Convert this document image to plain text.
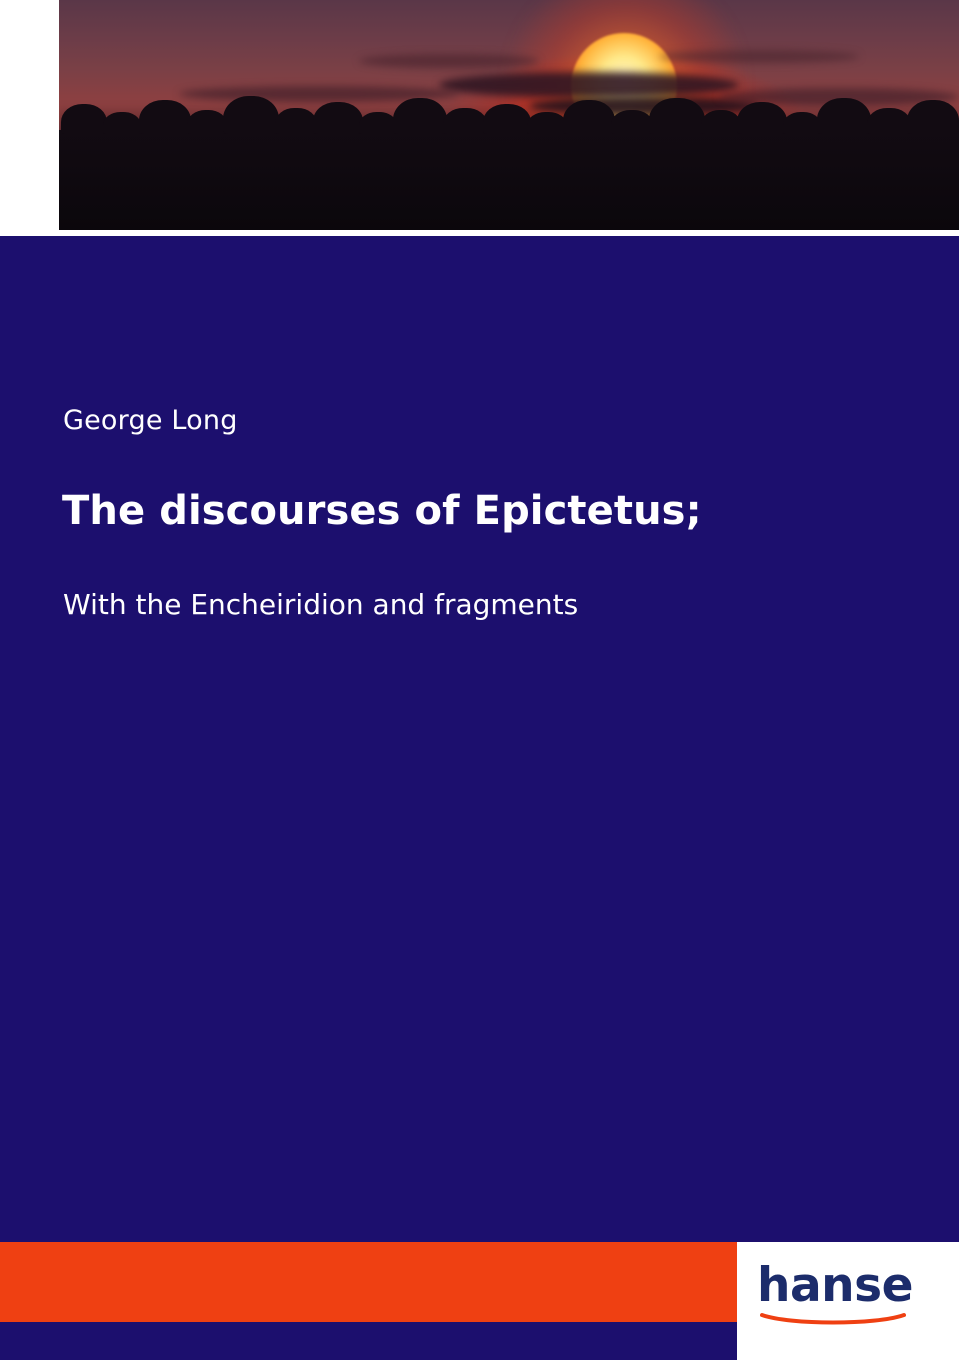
George Long
The discourses of Epictetus;
With the Encheiridion and fragments
hanse
